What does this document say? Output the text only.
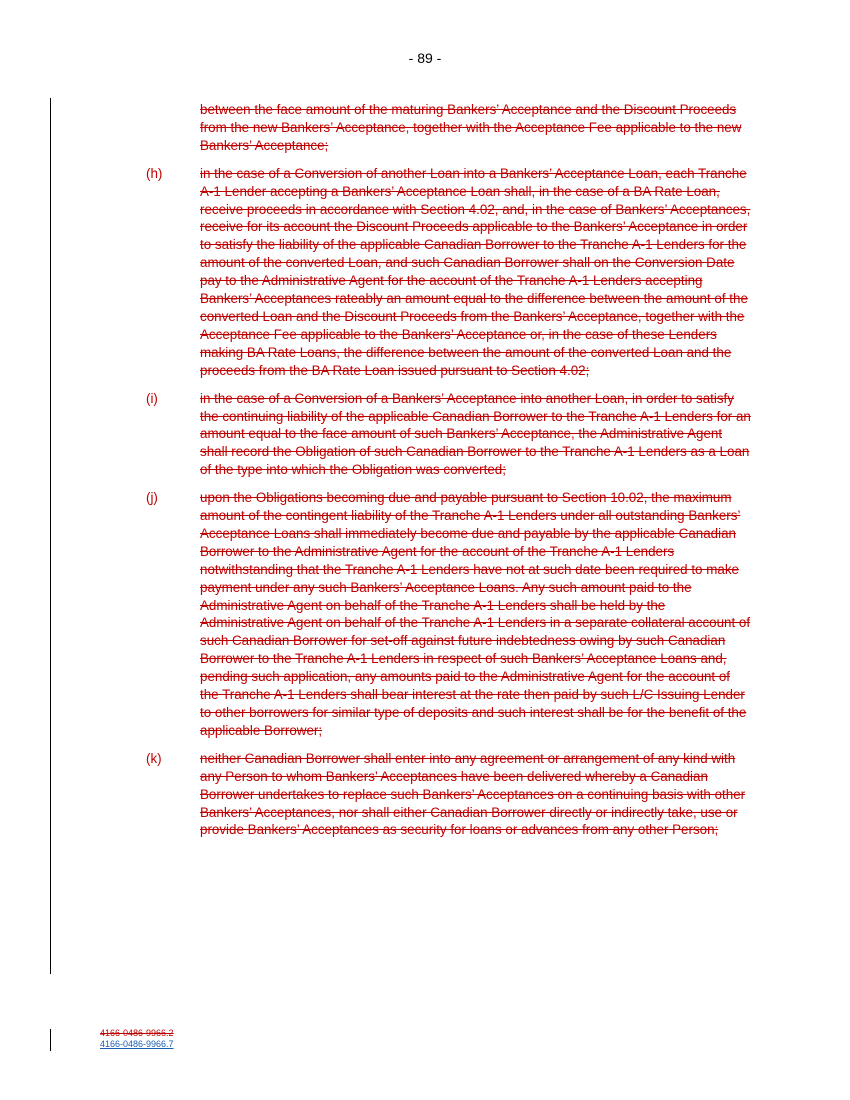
- 89 -
between the face amount of the maturing Bankers’ Acceptance and the Discount Proceeds from the new Bankers’ Acceptance, together with the Acceptance Fee applicable to the new Bankers’ Acceptance;
(h)	in the case of a Conversion of another Loan into a Bankers’ Acceptance Loan, each Tranche A-1 Lender accepting a Bankers’ Acceptance Loan shall, in the case of a BA Rate Loan, receive proceeds in accordance with Section 4.02, and, in the case of Bankers’ Acceptances, receive for its account the Discount Proceeds applicable to the Bankers’ Acceptance in order to satisfy the liability of the applicable Canadian Borrower to the Tranche A-1 Lenders for the amount of the converted Loan, and such Canadian Borrower shall on the Conversion Date pay to the Administrative Agent for the account of the Tranche A-1 Lenders accepting Bankers’ Acceptances rateably an amount equal to the difference between the amount of the converted Loan and the Discount Proceeds from the Bankers’ Acceptance, together with the Acceptance Fee applicable to the Bankers’ Acceptance or, in the case of these Lenders making BA Rate Loans, the difference between the amount of the converted Loan and the proceeds from the BA Rate Loan issued pursuant to Section 4.02;
(i)	in the case of a Conversion of a Bankers’ Acceptance into another Loan, in order to satisfy the continuing liability of the applicable Canadian Borrower to the Tranche A-1 Lenders for an amount equal to the face amount of such Bankers’ Acceptance, the Administrative Agent shall record the Obligation of such Canadian Borrower to the Tranche A-1 Lenders as a Loan of the type into which the Obligation was converted;
(j)	upon the Obligations becoming due and payable pursuant to Section 10.02, the maximum amount of the contingent liability of the Tranche A-1 Lenders under all outstanding Bankers’ Acceptance Loans shall immediately become due and payable by the applicable Canadian Borrower to the Administrative Agent for the account of the Tranche A-1 Lenders notwithstanding that the Tranche A-1 Lenders have not at such date been required to make payment under any such Bankers’ Acceptance Loans. Any such amount paid to the Administrative Agent on behalf of the Tranche A-1 Lenders shall be held by the Administrative Agent on behalf of the Tranche A-1 Lenders in a separate collateral account of such Canadian Borrower for set-off against future indebtedness owing by such Canadian Borrower to the Tranche A-1 Lenders in respect of such Bankers’ Acceptance Loans and, pending such application, any amounts paid to the Administrative Agent for the account of the Tranche A-1 Lenders shall bear interest at the rate then paid by such L/C Issuing Lender to other borrowers for similar type of deposits and such interest shall be for the benefit of the applicable Borrower;
(k)	neither Canadian Borrower shall enter into any agreement or arrangement of any kind with any Person to whom Bankers’ Acceptances have been delivered whereby a Canadian Borrower undertakes to replace such Bankers’ Acceptances on a continuing basis with other Bankers’ Acceptances, nor shall either Canadian Borrower directly or indirectly take, use or provide Bankers’ Acceptances as security for loans or advances from any other Person;
4166-0486-9966.2
4166-0486-9966.7
